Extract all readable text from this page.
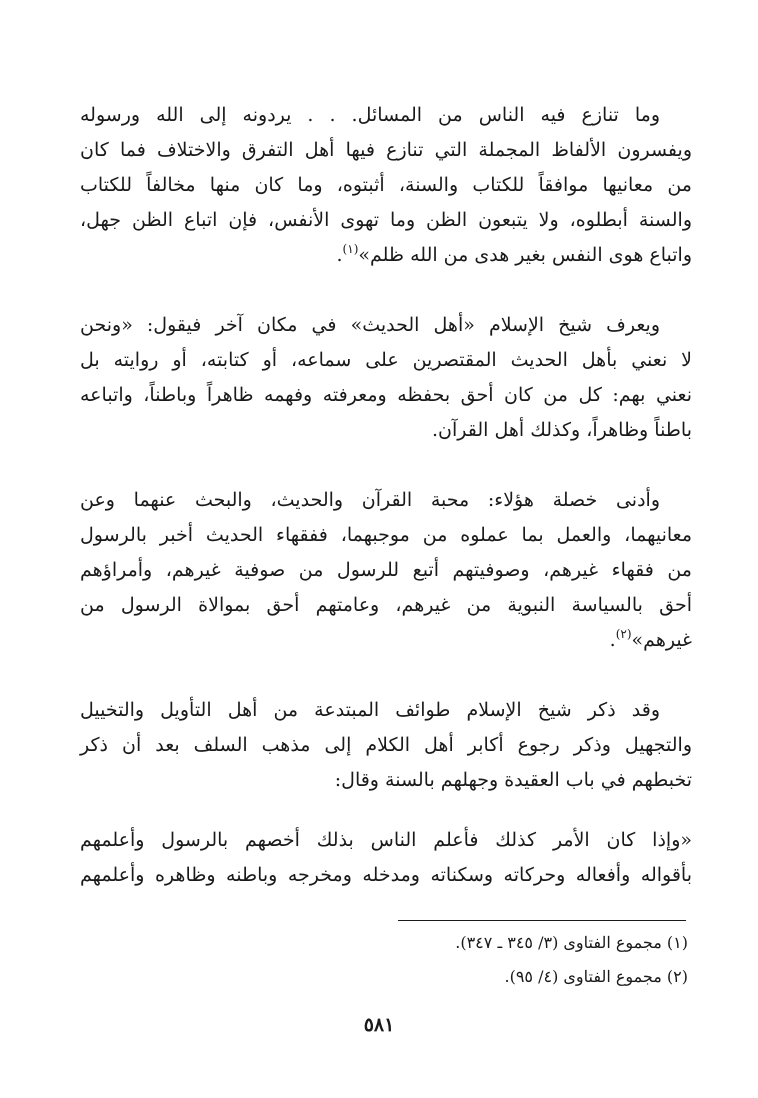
وما تنازع فيه الناس من المسائل. . . يردونه إلى الله ورسوله
ويفسرون الألفاظ المجملة التي تنازع فيها أهل التفرق والاختلاف فما كان
من معانيها موافقاً للكتاب والسنة، أثبتوه، وما كان منها مخالفاً للكتاب
والسنة أبطلوه، ولا يتبعون الظن وما تهوى الأنفس، فإن اتباع الظن جهل،
واتباع هوى النفس بغير هدى من الله ظلم»$^{(١)}$.
ويعرف شيخ الإسلام «أهل الحديث» في مكان آخر فيقول: «ونحن
لا نعني بأهل الحديث المقتصرين على سماعه، أو كتابته، أو روايته بل
نعني بهم: كل من كان أحق بحفظه ومعرفته وفهمه ظاهراً وباطناً، واتباعه
باطناً وظاهراً، وكذلك أهل القرآن.
وأدنى خصلة هؤلاء: محبة القرآن والحديث، والبحث عنهما وعن
معانيهما، والعمل بما عملوه من موجبهما، ففقهاء الحديث أخبر بالرسول
من فقهاء غيرهم، وصوفيتهم أتبع للرسول من صوفية غيرهم، وأمراؤهم
أحق بالسياسة النبوية من غيرهم، وعامتهم أحق بموالاة الرسول من
غيرهم»$^{(٢)}$.
وقد ذكر شيخ الإسلام طوائف المبتدعة من أهل التأويل والتخييل
والتجهيل وذكر رجوع أكابر أهل الكلام إلى مذهب السلف بعد أن ذكر
تخبطهم في باب العقيدة وجهلهم بالسنة وقال:
«وإذا كان الأمر كذلك فأعلم الناس بذلك أخصهم بالرسول وأعلمهم
بأقواله وأفعاله وحركاته وسكناته ومدخله ومخرجه وباطنه وظاهره وأعلمهم
(١) مجموع الفتاوى (٣/ ٣٤٥ ـ ٣٤٧).
(٢) مجموع الفتاوى (٤/ ٩٥).
٥٨١
